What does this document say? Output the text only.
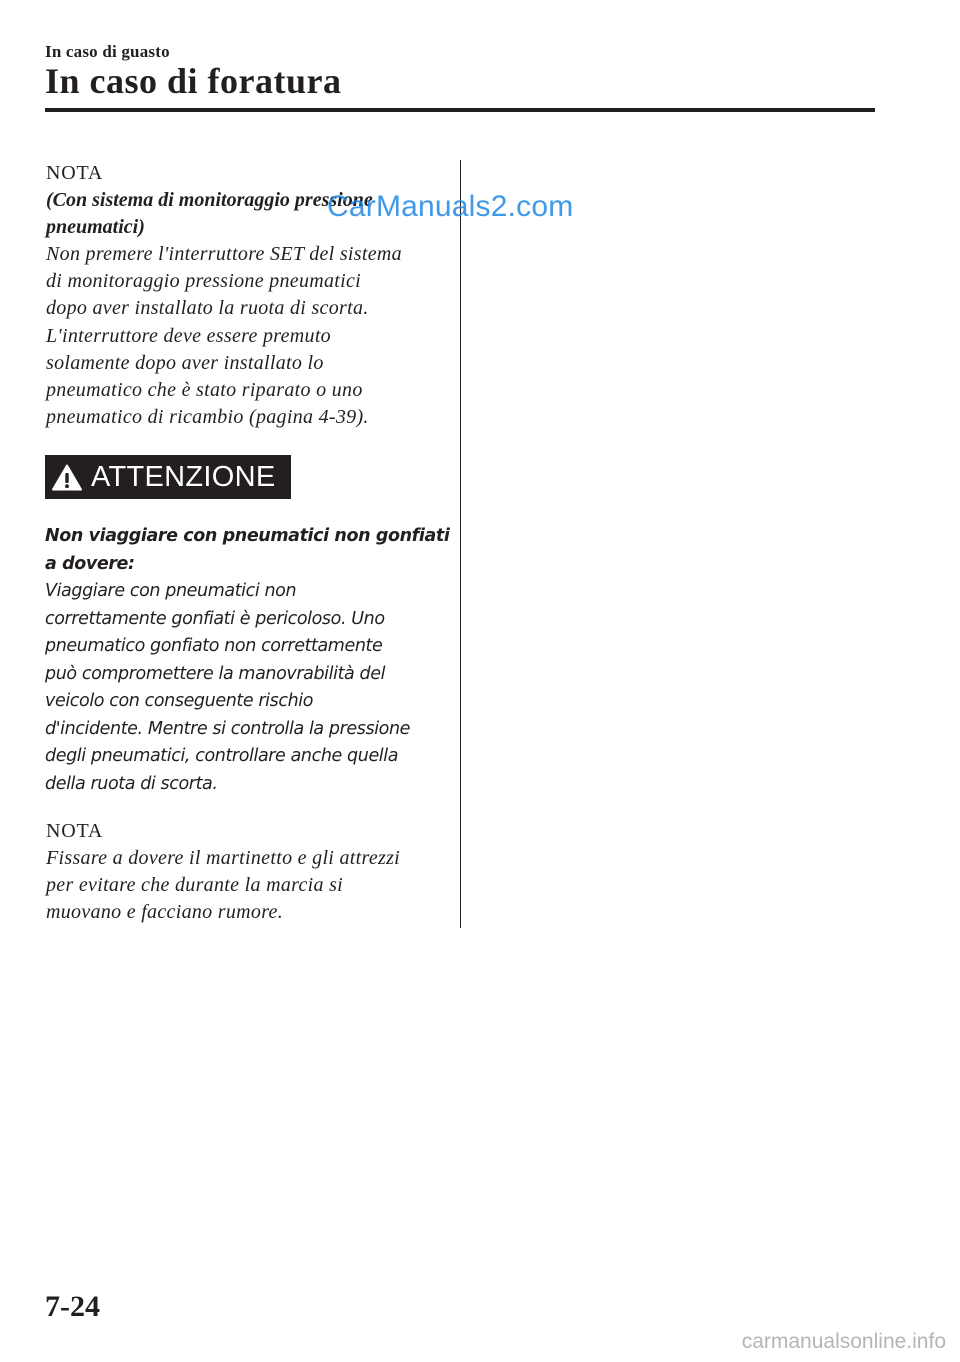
In caso di guasto
In caso di foratura
NOTA
(Con sistema di monitoraggio pressione
pneumatici)

Non premere l'interruttore SET del sistema

di monitoraggio pressione pneumatici

dopo aver installato la ruota di scorta.

L'interruttore deve essere premuto

solamente dopo aver installato lo

pneumatico che è stato riparato o uno

pneumatico di ricambio (pagina 4-39).

ATTENZIONE
Non viaggiare con pneumatici non gonfiati
a dovere:
Viaggiare con pneumatici non
correttamente gonfiati è pericoloso. Uno
pneumatico gonfiato non correttamente
può compromettere la manovrabilità del
veicolo con conseguente rischio
d'incidente. Mentre si controlla la pressione
degli pneumatici, controllare anche quella
della ruota di scorta.
NOTA

Fissare a dovere il martinetto e gli attrezzi

per evitare che durante la marcia si

muovano e facciano rumore.

CarManuals2.com
7-24
carmanualsonline.info
